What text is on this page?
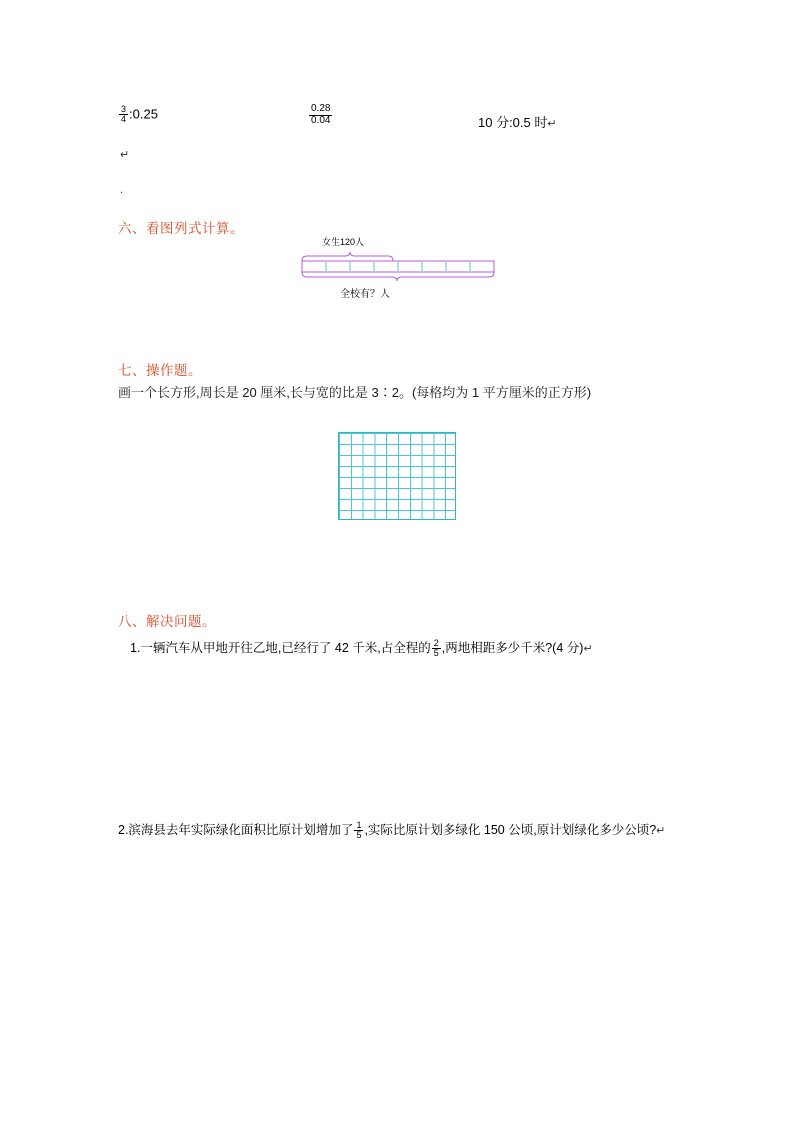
$\frac{3}{4}$ :0.25	$\frac{0.28}{0.04}$	10 分:0.5 时↵
↵
.
六、看图列式计算。
女生120人
全校有？人
七、操作题。
画一个长方形,周长是 20 厘米,长与宽的比是 3∶2。(每格均为 1 平方厘米的正方形)
八、解决问题。
1.一辆汽车从甲地开往乙地,已经行了 42 千米,占全程的 $\frac{2}{5}$ ,两地相距多少千米?(4 分)↵
2.滨海县去年实际绿化面积比原计划增加了 $\frac{1}{5}$ ,实际比原计划多绿化 150 公顷,原计划绿化多少公顷?↵
